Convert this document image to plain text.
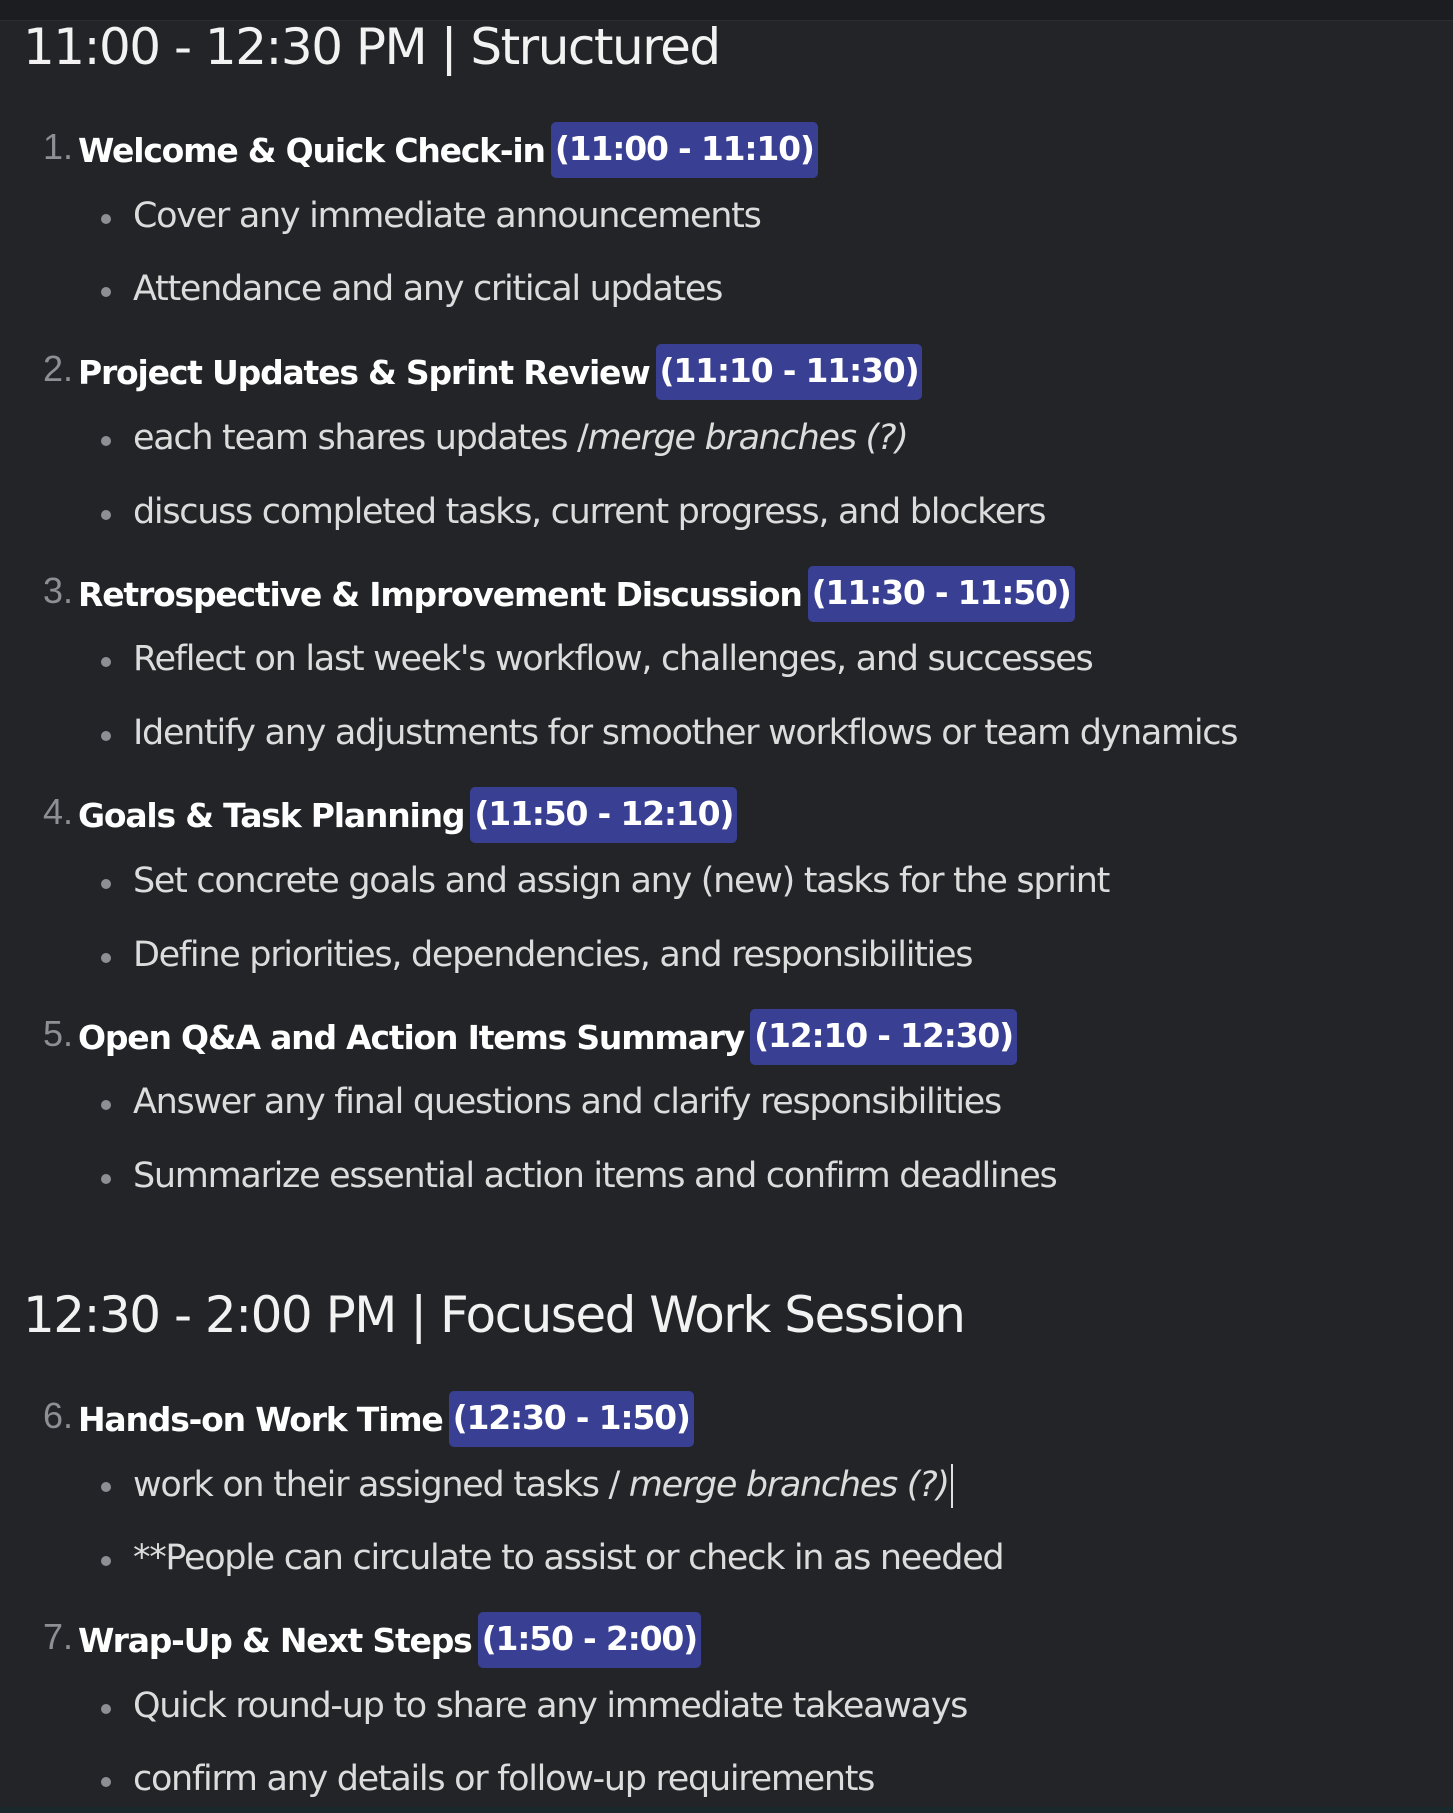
11:00 - 12:30 PM | Structured
1. Welcome & Quick Check-in (11:00 - 11:10)
Cover any immediate announcements
Attendance and any critical updates
2. Project Updates & Sprint Review (11:10 - 11:30)
each team shares updates /merge branches (?)
discuss completed tasks, current progress, and blockers
3. Retrospective & Improvement Discussion (11:30 - 11:50)
Reflect on last week's workflow, challenges, and successes
Identify any adjustments for smoother workflows or team dynamics
4. Goals & Task Planning (11:50 - 12:10)
Set concrete goals and assign any (new) tasks for the sprint
Define priorities, dependencies, and responsibilities
5. Open Q&A and Action Items Summary (12:10 - 12:30)
Answer any final questions and clarify responsibilities
Summarize essential action items and confirm deadlines
12:30 - 2:00 PM | Focused Work Session
6. Hands-on Work Time (12:30 - 1:50)
work on their assigned tasks / merge branches (?)
**People can circulate to assist or check in as needed
7. Wrap-Up & Next Steps (1:50 - 2:00)
Quick round-up to share any immediate takeaways
confirm any details or follow-up requirements
